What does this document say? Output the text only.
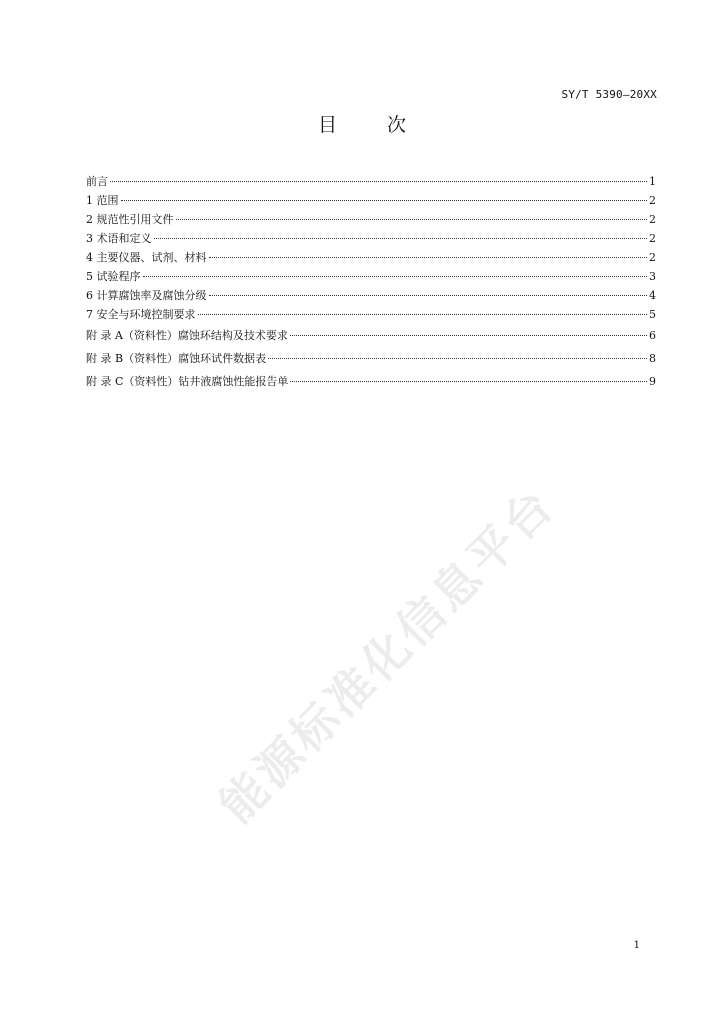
SY/T 5390—20XX
目 次
前言	1
1 范围	2
2 规范性引用文件	2
3 术语和定义	2
4 主要仪器、试剂、材料	2
5 试验程序	3
6 计算腐蚀率及腐蚀分级	4
7 安全与环境控制要求	5
附 录 A（资料性）腐蚀环结构及技术要求	6
附 录 B（资料性）腐蚀环试件数据表	8
附 录 C（资料性）钻井液腐蚀性能报告单	9
能源标准化信息平台
1
